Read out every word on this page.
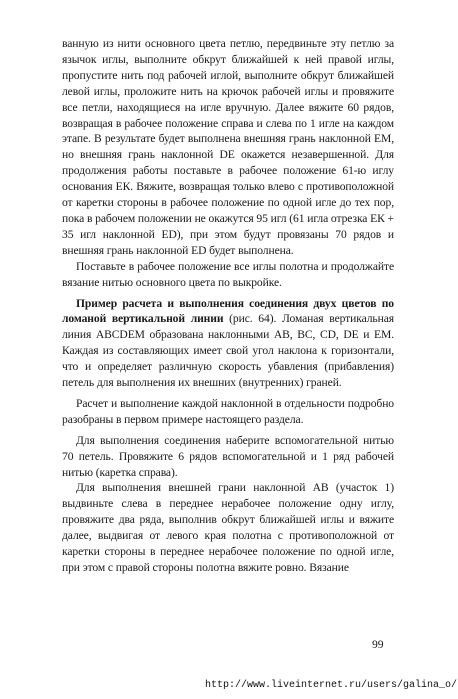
ванную из нити основного цвета петлю, передвиньте эту петлю за язычок иглы, выполните обкрут ближайшей к ней правой иглы, пропустите нить под рабочей иглой, выполните обкрут ближайшей левой иглы, проложите нить на крючок рабочей иглы и провяжите все петли, находящиеся на игле вручную. Далее вяжите 60 рядов, возвращая в рабочее положение справа и слева по 1 игле на каждом этапе. В результате будет выполнена внешняя грань наклонной ЕМ, но внешняя грань наклонной DE окажется незавершенной. Для продолжения работы поставьте в рабочее положение 61-ю иглу основания ЕК. Вяжите, возвращая только влево с противоположной от каретки стороны в рабочее положение по одной игле до тех пор, пока в рабочем положении не окажутся 95 игл (61 игла отрезка ЕК + 35 игл наклонной ED), при этом будут провязаны 70 рядов и внешняя грань наклонной ED будет выполнена.

Поставьте в рабочее положение все иглы полотна и продолжайте вязание нитью основного цвета по выкройке.

Пример расчета и выполнения соединения двух цветов по ломаной вертикальной линии (рис. 64). Ломаная вертикальная линия ABCDEM образована наклонными АВ, ВС, CD, DE и ЕМ. Каждая из составляющих имеет свой угол наклона к горизонтали, что и определяет различную скорость убавления (прибавления) петель для выполнения их внешних (внутренних) граней.

Расчет и выполнение каждой наклонной в отдельности подробно разобраны в первом примере настоящего раздела.

Для выполнения соединения наберите вспомогательной нитью 70 петель. Провяжите 6 рядов вспомогательной и 1 ряд рабочей нитью (каретка справа).

Для выполнения внешней грани наклонной АВ (участок 1) выдвиньте слева в переднее нерабочее положение одну иглу, провяжите два ряда, выполнив обкрут ближайшей иглы и вяжите далее, выдвигая от левого края полотна с противоположной от каретки стороны в переднее нерабочее положение по одной игле, при этом с правой стороны полотна вяжите ровно. Вязание

99
http://www.liveinternet.ru/users/galina_o/
